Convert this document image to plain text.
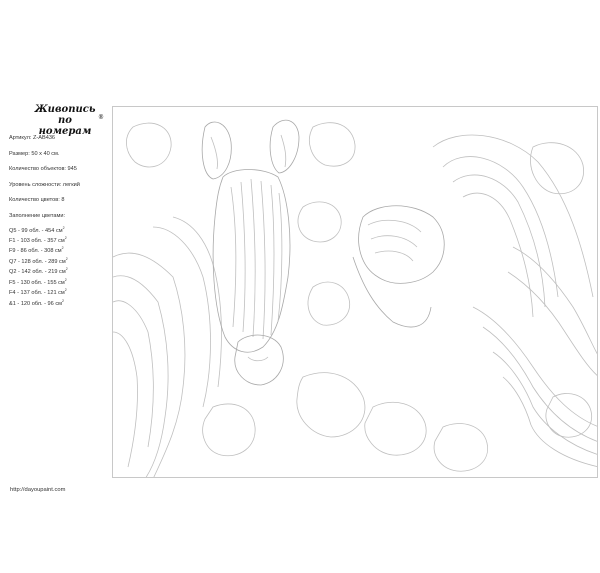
Живопись
по номерам
®
Артикул: Z-AB436
Размер: 50 х 40 см.
Количество объектов: 945
Уровень сложности: легкий
Количество цветов: 8
Заполнение цветами:
Q5 - 99 обл. - 454 $см^2$
F1 - 103 обл. - 357 $см^2$
F9 - 86 обл. - 308 $см^2$
Q7 - 128 обл. - 289 $см^2$
Q2 - 142 обл. - 219 $см^2$
F5 - 130 обл. - 155 $см^2$
F4 - 137 обл. - 121 $см^2$
&1 - 120 обл. - 96 $см^2$
http://dayoupaint.com
